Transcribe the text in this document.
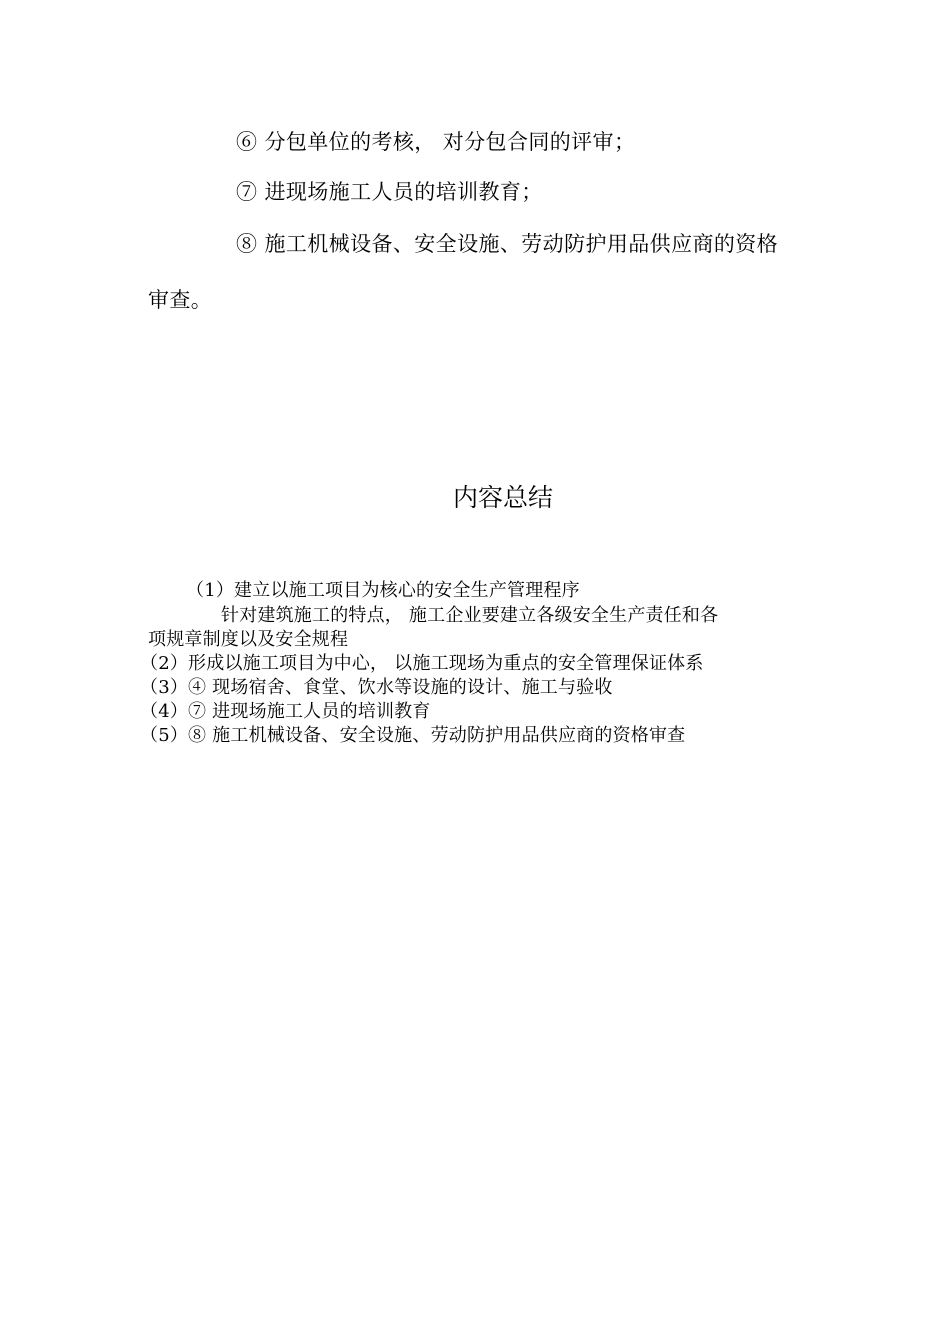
⑥ 分包单位的考核， 对分包合同的评审；
⑦ 进现场施工人员的培训教育；
⑧ 施工机械设备、安全设施、劳动防护用品供应商的资格
审查。
内容总结
（1）建立以施工项目为核心的安全生产管理程序
针对建筑施工的特点， 施工企业要建立各级安全生产责任和各
项规章制度以及安全规程
（2）形成以施工项目为中心， 以施工现场为重点的安全管理保证体系
（3）④ 现场宿舍、食堂、饮水等设施的设计、施工与验收
（4）⑦ 进现场施工人员的培训教育
（5）⑧ 施工机械设备、安全设施、劳动防护用品供应商的资格审查
